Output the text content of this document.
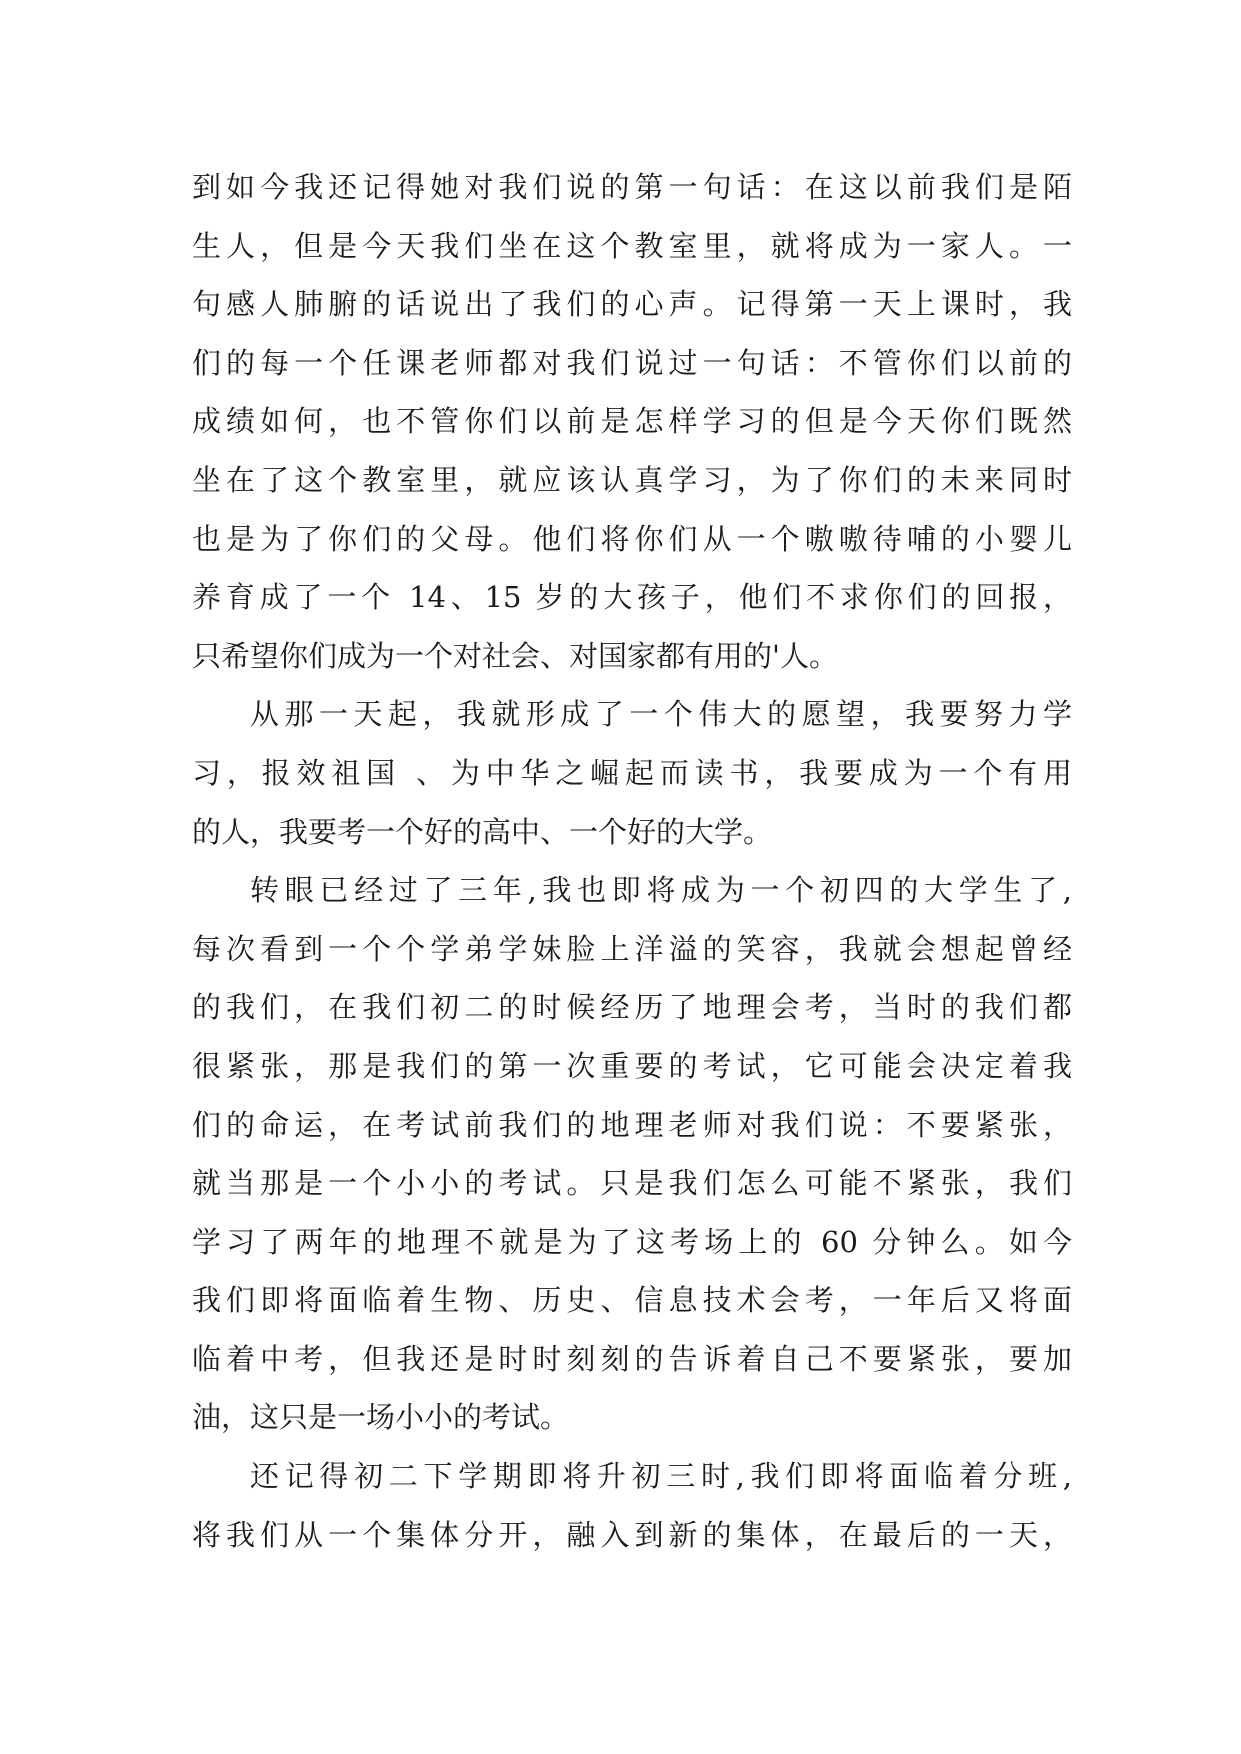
到如今我还记得她对我们说的第一句话：在这以前我们是陌
生人，但是今天我们坐在这个教室里，就将成为一家人。一
句感人肺腑的话说出了我们的心声。记得第一天上课时，我
们的每一个任课老师都对我们说过一句话：不管你们以前的
成绩如何，也不管你们以前是怎样学习的但是今天你们既然
坐在了这个教室里，就应该认真学习，为了你们的未来同时
也是为了你们的父母。他们将你们从一个嗷嗷待哺的小婴儿
养育成了一个 14、15 岁的大孩子，他们不求你们的回报，
只希望你们成为一个对社会、对国家都有用的'人。
从那一天起，我就形成了一个伟大的愿望，我要努力学
习，报效祖国 、为中华之崛起而读书，我要成为一个有用
的人，我要考一个好的高中、一个好的大学。
转眼已经过了三年,我也即将成为一个初四的大学生了,
每次看到一个个学弟学妹脸上洋溢的笑容，我就会想起曾经
的我们，在我们初二的时候经历了地理会考，当时的我们都
很紧张，那是我们的第一次重要的考试，它可能会决定着我
们的命运，在考试前我们的地理老师对我们说：不要紧张，
就当那是一个小小的考试。只是我们怎么可能不紧张，我们
学习了两年的地理不就是为了这考场上的 60 分钟么。如今
我们即将面临着生物、历史、信息技术会考，一年后又将面
临着中考，但我还是时时刻刻的告诉着自己不要紧张，要加
油，这只是一场小小的考试。
还记得初二下学期即将升初三时,我们即将面临着分班,
将我们从一个集体分开，融入到新的集体，在最后的一天，
